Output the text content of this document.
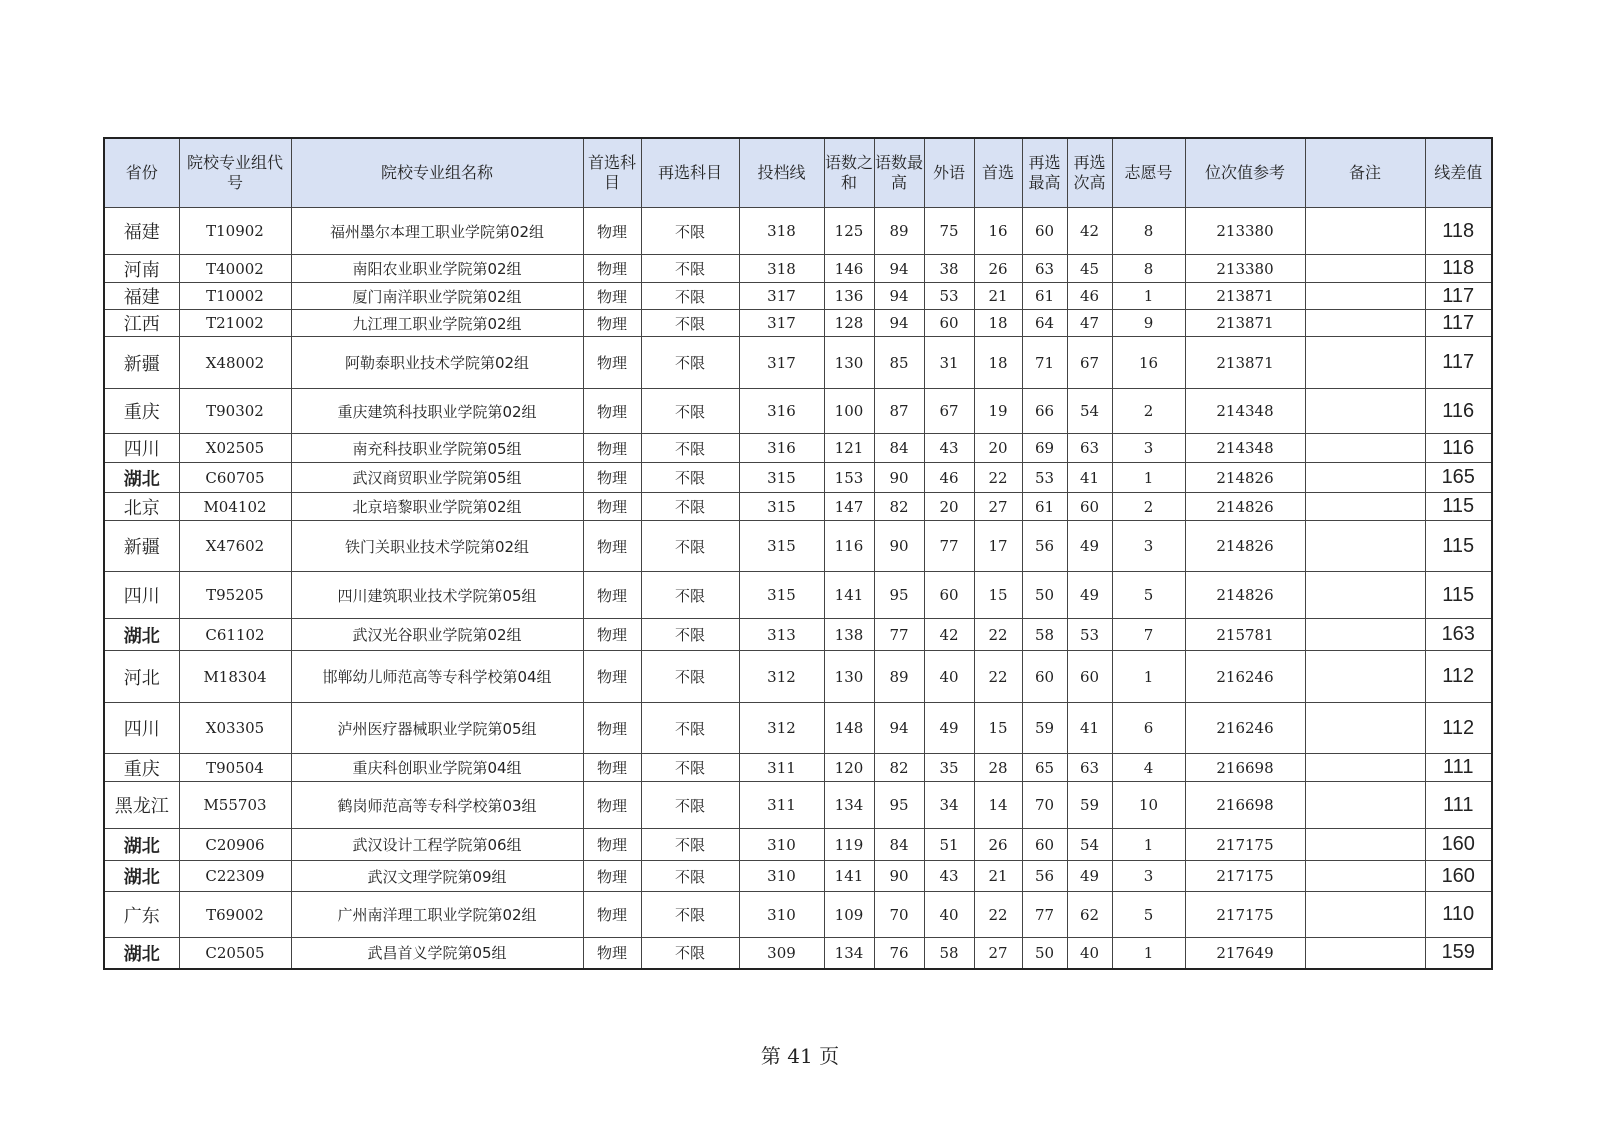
省份	院校专业组代号	院校专业组名称	首选科目	再选科目	投档线	语数之和	语数最高	外语	首选	再选最高	再选次高	志愿号	位次值参考	备注	线差值
福建	T10902	福州墨尔本理工职业学院第02组	物理	不限	318	125	89	75	16	60	42	8	213380		118
河南	T40002	南阳农业职业学院第02组	物理	不限	318	146	94	38	26	63	45	8	213380		118
福建	T10002	厦门南洋职业学院第02组	物理	不限	317	136	94	53	21	61	46	1	213871		117
江西	T21002	九江理工职业学院第02组	物理	不限	317	128	94	60	18	64	47	9	213871		117
新疆	X48002	阿勒泰职业技术学院第02组	物理	不限	317	130	85	31	18	71	67	16	213871		117
重庆	T90302	重庆建筑科技职业学院第02组	物理	不限	316	100	87	67	19	66	54	2	214348		116
四川	X02505	南充科技职业学院第05组	物理	不限	316	121	84	43	20	69	63	3	214348		116
湖北	C60705	武汉商贸职业学院第05组	物理	不限	315	153	90	46	22	53	41	1	214826		165
北京	M04102	北京培黎职业学院第02组	物理	不限	315	147	82	20	27	61	60	2	214826		115
新疆	X47602	铁门关职业技术学院第02组	物理	不限	315	116	90	77	17	56	49	3	214826		115
四川	T95205	四川建筑职业技术学院第05组	物理	不限	315	141	95	60	15	50	49	5	214826		115
湖北	C61102	武汉光谷职业学院第02组	物理	不限	313	138	77	42	22	58	53	7	215781		163
河北	M18304	邯郸幼儿师范高等专科学校第04组	物理	不限	312	130	89	40	22	60	60	1	216246		112
四川	X03305	泸州医疗器械职业学院第05组	物理	不限	312	148	94	49	15	59	41	6	216246		112
重庆	T90504	重庆科创职业学院第04组	物理	不限	311	120	82	35	28	65	63	4	216698		111
黑龙江	M55703	鹤岗师范高等专科学校第03组	物理	不限	311	134	95	34	14	70	59	10	216698		111
湖北	C20906	武汉设计工程学院第06组	物理	不限	310	119	84	51	26	60	54	1	217175		160
湖北	C22309	武汉文理学院第09组	物理	不限	310	141	90	43	21	56	49	3	217175		160
广东	T69002	广州南洋理工职业学院第02组	物理	不限	310	109	70	40	22	77	62	5	217175		110
湖北	C20505	武昌首义学院第05组	物理	不限	309	134	76	58	27	50	40	1	217649		159
第 41 页
